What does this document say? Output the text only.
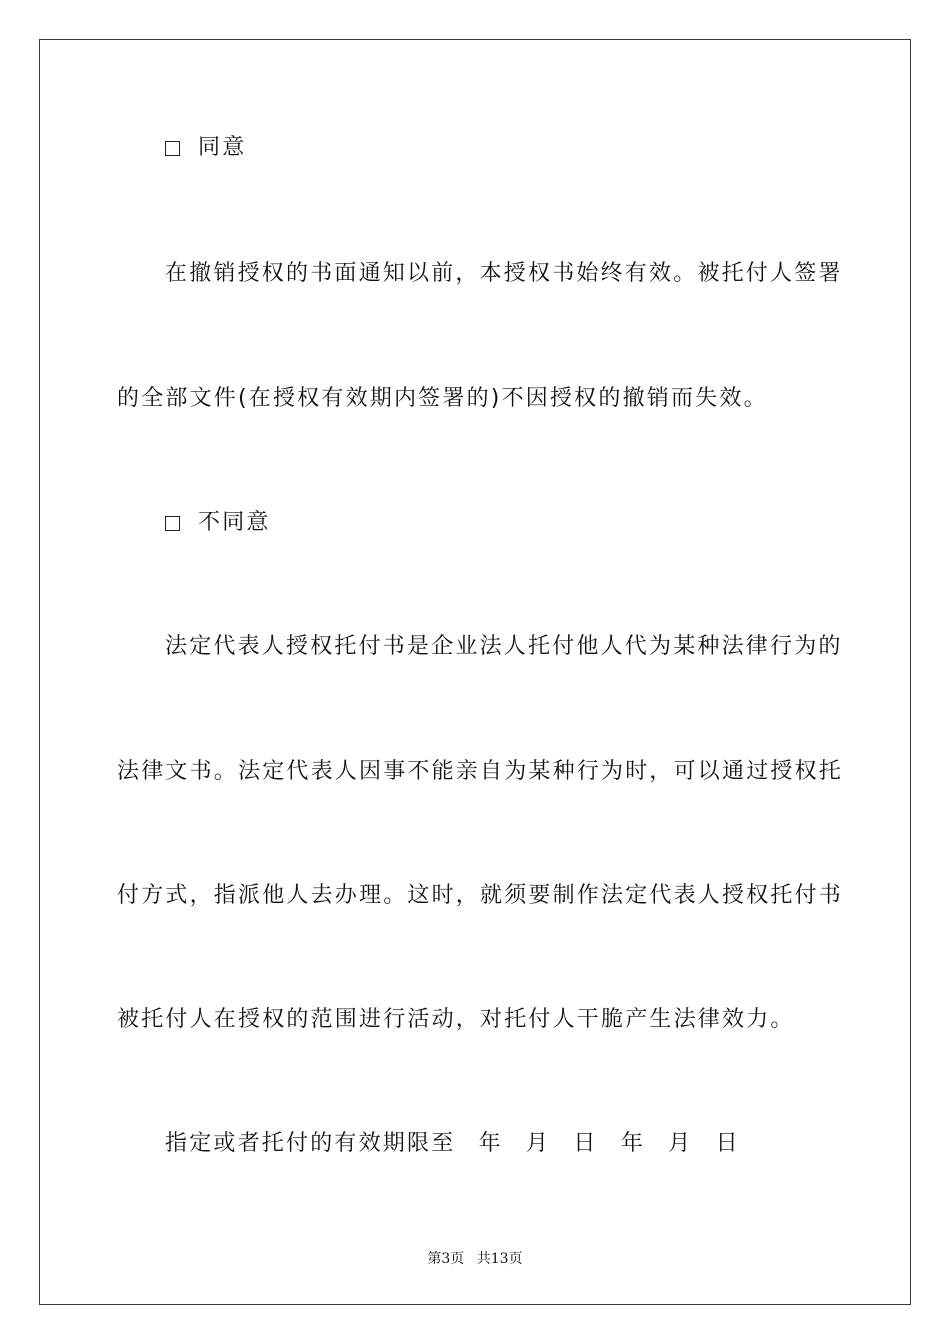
同意
在撤销授权的书面通知以前，本授权书始终有效。被托付人签署
的全部文件(在授权有效期内签署的)不因授权的撤销而失效。
不同意
法定代表人授权托付书是企业法人托付他人代为某种法律行为的
法律文书。法定代表人因事不能亲自为某种行为时，可以通过授权托
付方式，指派他人去办理。这时，就须要制作法定代表人授权托付书
被托付人在授权的范围进行活动，对托付人干脆产生法律效力。
指定或者托付的有效期限至 年 月 日 年 月 日
第3页 共13页
